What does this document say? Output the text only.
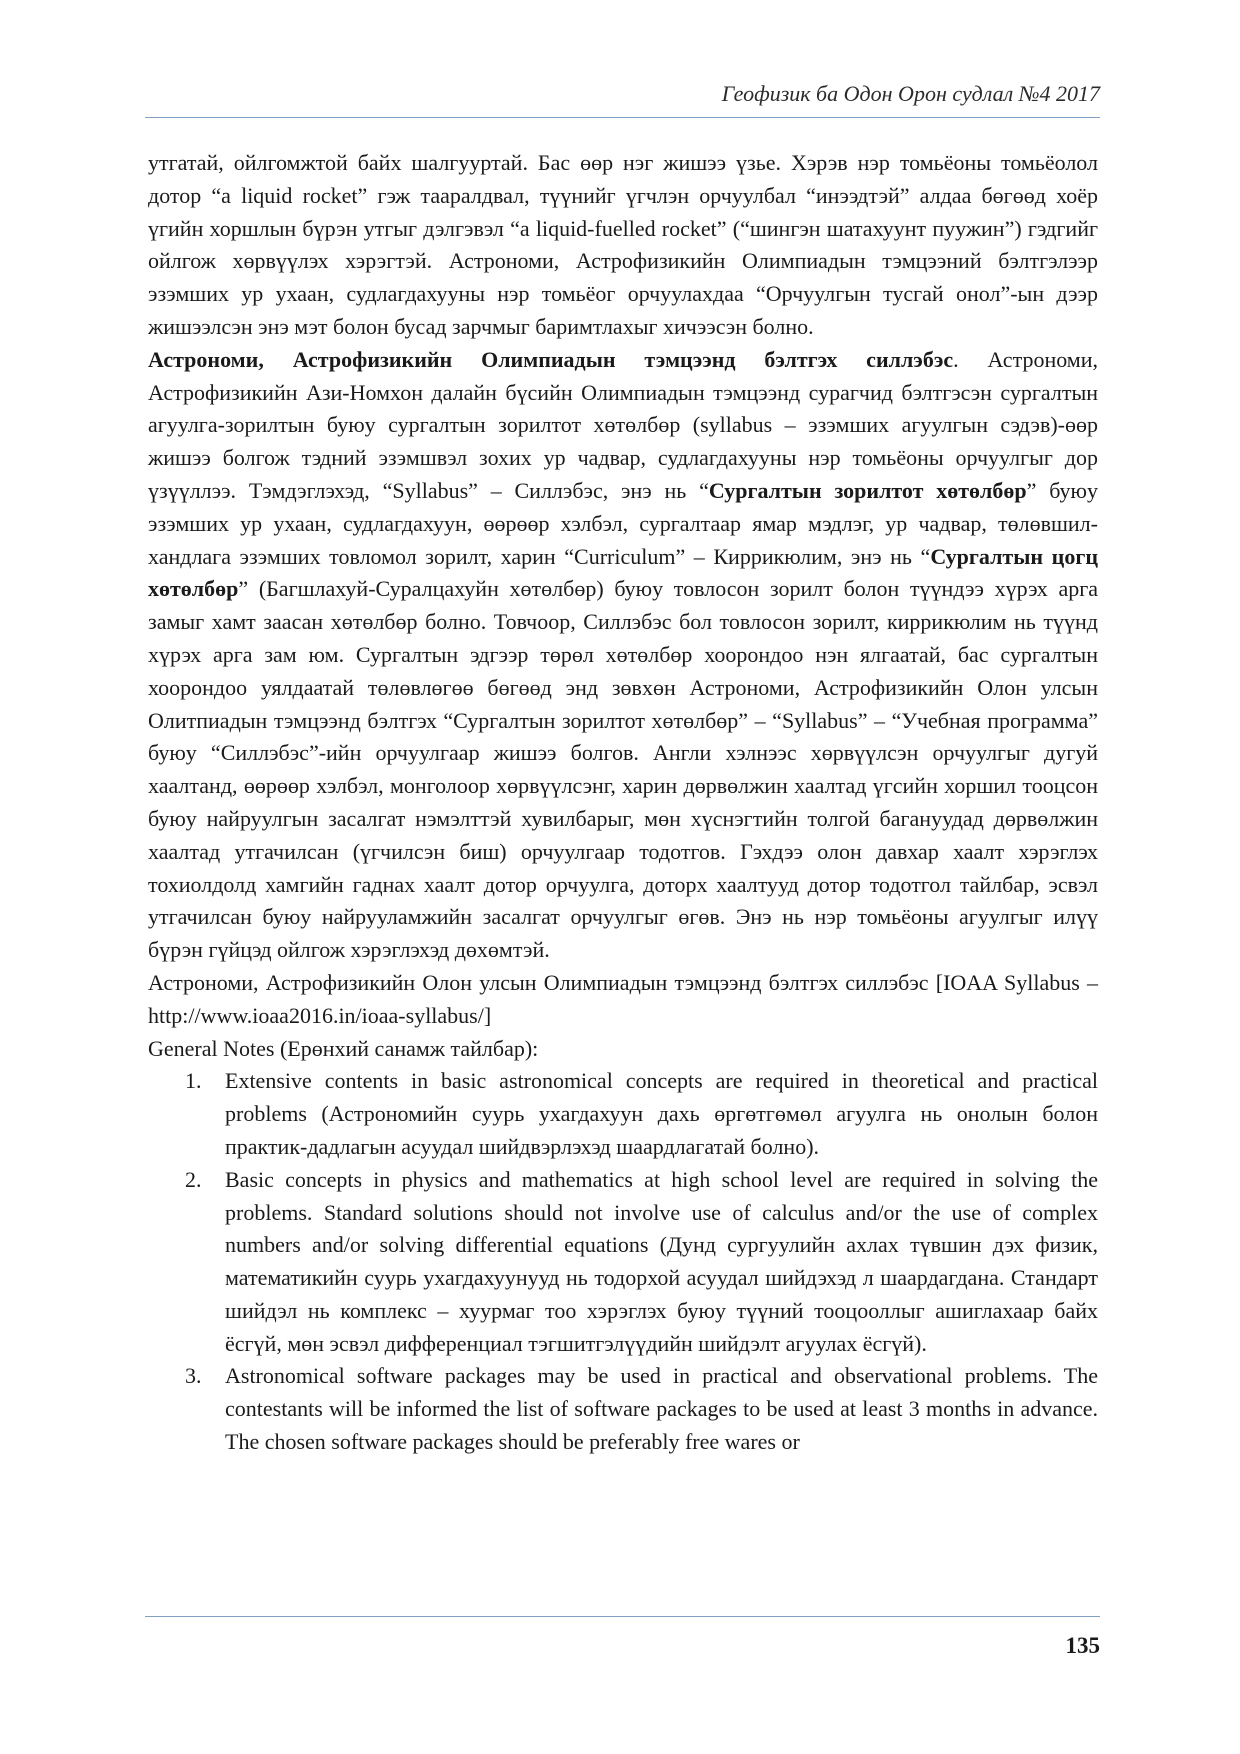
Геофизик ба Одон Орон судлал №4 2017

утгатай, ойлгомжтой байх шалгууртай. Бас өөр нэг жишээ үзье. Хэрэв нэр томьёоны томьёолол дотор “a liquid rocket” гэж тааралдвал, түүнийг үгчлэн орчуулбал “инээдтэй” алдаа бөгөөд хоёр үгийн хоршлын бүрэн утгыг дэлгэвэл “a liquid-fuelled rocket” (“шингэн шатахуунт пуужин”) гэдгийг ойлгож хөрвүүлэх хэрэгтэй. Астрономи, Астрофизикийн Олимпиадын тэмцээний бэлтгэлээр эзэмших ур ухаан, судлагдахууны нэр томьёог орчуулахдаа “Орчуулгын тусгай онол”-ын дээр жишээлсэн энэ мэт болон бусад зарчмыг баримтлахыг хичээсэн болно.

Астрономи, Астрофизикийн Олимпиадын тэмцээнд бэлтгэх силлэбэс. Астрономи, Астрофизикийн Ази-Номхон далайн бүсийн Олимпиадын тэмцээнд сурагчид бэлтгэсэн сургалтын агуулга-зорилтын буюу сургалтын зорилтот хөтөлбөр (syllabus – эзэмших агуулгын сэдэв)-өөр жишээ болгож тэдний эзэмшвэл зохих ур чадвар, судлагдахууны нэр томьёоны орчуулгыг дор үзүүллээ. Тэмдэглэхэд, “Syllabus” – Силлэбэс, энэ нь “Сургалтын зорилтот хөтөлбөр” буюу эзэмших ур ухаан, судлагдахуун, өөрөөр хэлбэл, сургалтаар ямар мэдлэг, ур чадвар, төлөвшил-хандлага эзэмших товломол зорилт, харин “Curriculum” – Киррикюлим, энэ нь “Сургалтын цогц хөтөлбөр” (Багшлахуй-Суралцахуйн хөтөлбөр) буюу товлосон зорилт болон түүндээ хүрэх арга замыг хамт заасан хөтөлбөр болно. Товчоор, Силлэбэс бол товлосон зорилт, киррикюлим нь түүнд хүрэх арга зам юм. Сургалтын эдгээр төрөл хөтөлбөр хоорондоо нэн ялгаатай, бас сургалтын хоорондоо уялдаатай төлөвлөгөө бөгөөд энд зөвхөн Астрономи, Астрофизикийн Олон улсын Олитпиадын тэмцээнд бэлтгэх “Сургалтын зорилтот хөтөлбөр” – “Syllabus” – “Учебная программа” буюу “Силлэбэс”-ийн орчуулгаар жишээ болгов. Англи хэлнээс хөрвүүлсэн орчуулгыг дугуй хаалтанд, өөрөөр хэлбэл, монголоор хөрвүүлсэнг, харин дөрвөлжин хаалтад үгсийн хоршил тооцсон буюу найруулгын засалгат нэмэлттэй хувилбарыг, мөн хүснэгтийн толгой багануудад дөрвөлжин хаалтад утгачилсан (үгчилсэн биш) орчуулгаар тодотгов. Гэхдээ олон давхар хаалт хэрэглэх тохиолдолд хамгийн гаднах хаалт дотор орчуулга, доторх хаалтууд дотор тодотгол тайлбар, эсвэл утгачилсан буюу найрууламжийн засалгат орчуулгыг өгөв. Энэ нь нэр томьёоны агуулгыг илүү бүрэн гүйцэд ойлгож хэрэглэхэд дөхөмтэй.

Астрономи, Астрофизикийн Олон улсын Олимпиадын тэмцээнд бэлтгэх силлэбэс [IOAA Syllabus – http://www.ioaa2016.in/ioaa-syllabus/]

General Notes (Ерөнхий санамж тайлбар):

1. Extensive contents in basic astronomical concepts are required in theoretical and practical problems (Астрономийн суурь ухагдахуун дахь өргөтгөмөл агуулга нь онолын болон практик-дадлагын асуудал шийдвэрлэхэд шаардлагатай болно).
2. Basic concepts in physics and mathematics at high school level are required in solving the problems. Standard solutions should not involve use of calculus and/or the use of complex numbers and/or solving differential equations (Дунд сургуулийн ахлах түвшин дэх физик, математикийн суурь ухагдахуунууд нь тодорхой асуудал шийдэхэд л шаардагдана. Стандарт шийдэл нь комплекс – хуурмаг тоо хэрэглэх буюу түүний тооцооллыг ашиглахаар байх ёсгүй, мөн эсвэл дифференциал тэгшитгэлүүдийн шийдэлт агуулах ёсгүй).
3. Astronomical software packages may be used in practical and observational problems. The contestants will be informed the list of software packages to be used at least 3 months in advance. The chosen software packages should be preferably free wares or
135
